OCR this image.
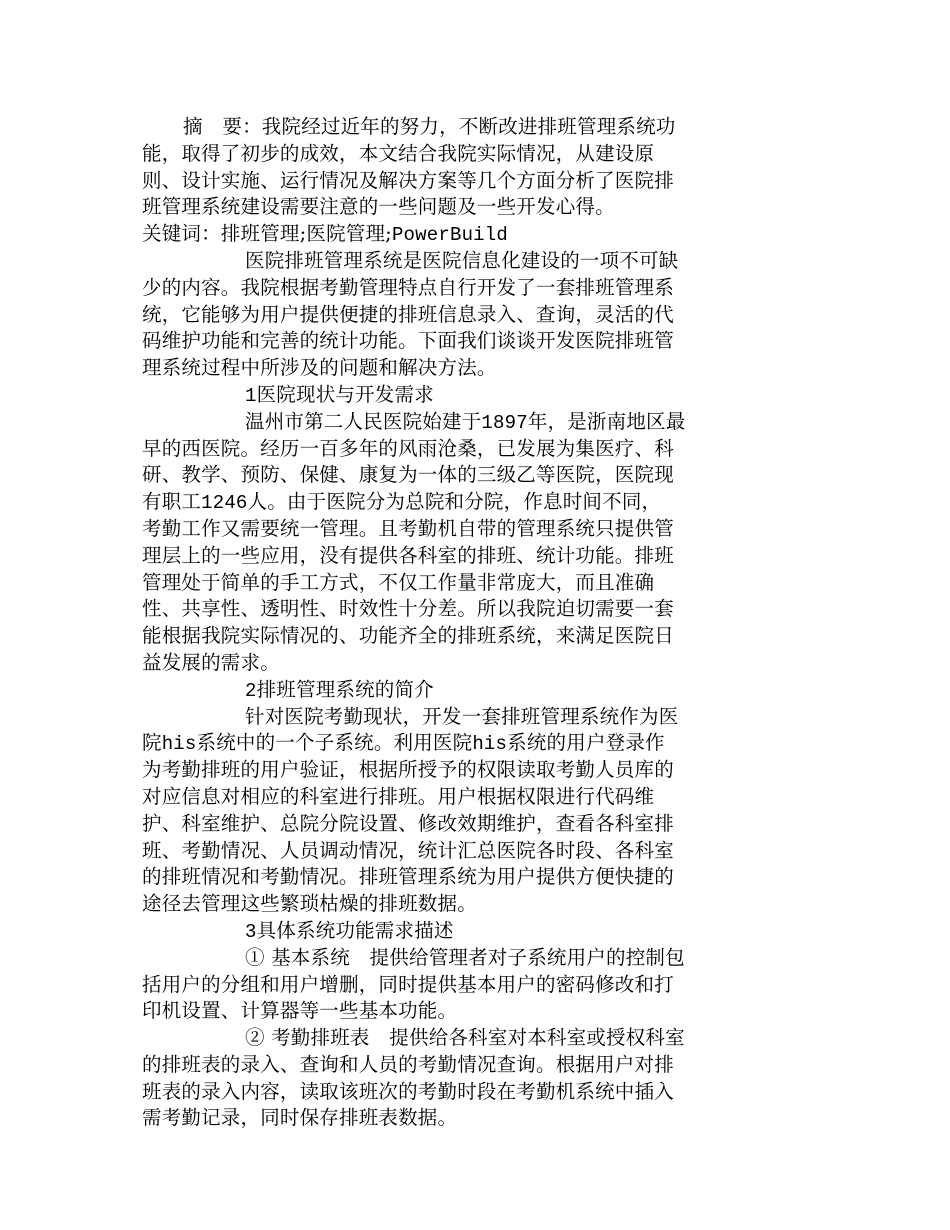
摘　要：我院经过近年的努力，不断改进排班管理系统功
能，取得了初步的成效，本文结合我院实际情况，从建设原
则、设计实施、运行情况及解决方案等几个方面分析了医院排
班管理系统建设需要注意的一些问题及一些开发心得。
关键词：排班管理;医院管理;PowerBuild
医院排班管理系统是医院信息化建设的一项不可缺
少的内容。我院根据考勤管理特点自行开发了一套排班管理系
统，它能够为用户提供便捷的排班信息录入、查询，灵活的代
码维护功能和完善的统计功能。下面我们谈谈开发医院排班管
理系统过程中所涉及的问题和解决方法。
1医院现状与开发需求
温州市第二人民医院始建于1897年，是浙南地区最
早的西医院。经历一百多年的风雨沧桑，已发展为集医疗、科
研、教学、预防、保健、康复为一体的三级乙等医院，医院现
有职工1246人。由于医院分为总院和分院，作息时间不同，
考勤工作又需要统一管理。且考勤机自带的管理系统只提供管
理层上的一些应用，没有提供各科室的排班、统计功能。排班
管理处于简单的手工方式，不仅工作量非常庞大，而且准确
性、共享性、透明性、时效性十分差。所以我院迫切需要一套
能根据我院实际情况的、功能齐全的排班系统，来满足医院日
益发展的需求。
2排班管理系统的简介
针对医院考勤现状，开发一套排班管理系统作为医
院his系统中的一个子系统。利用医院his系统的用户登录作
为考勤排班的用户验证，根据所授予的权限读取考勤人员库的
对应信息对相应的科室进行排班。用户根据权限进行代码维
护、科室维护、总院分院设置、修改效期维护，查看各科室排
班、考勤情况、人员调动情况，统计汇总医院各时段、各科室
的排班情况和考勤情况。排班管理系统为用户提供方便快捷的
途径去管理这些繁琐枯燥的排班数据。
3具体系统功能需求描述
① 基本系统　提供给管理者对子系统用户的控制包
括用户的分组和用户增删，同时提供基本用户的密码修改和打
印机设置、计算器等一些基本功能。
② 考勤排班表　提供给各科室对本科室或授权科室
的排班表的录入、查询和人员的考勤情况查询。根据用户对排
班表的录入内容，读取该班次的考勤时段在考勤机系统中插入
需考勤记录，同时保存排班表数据。
